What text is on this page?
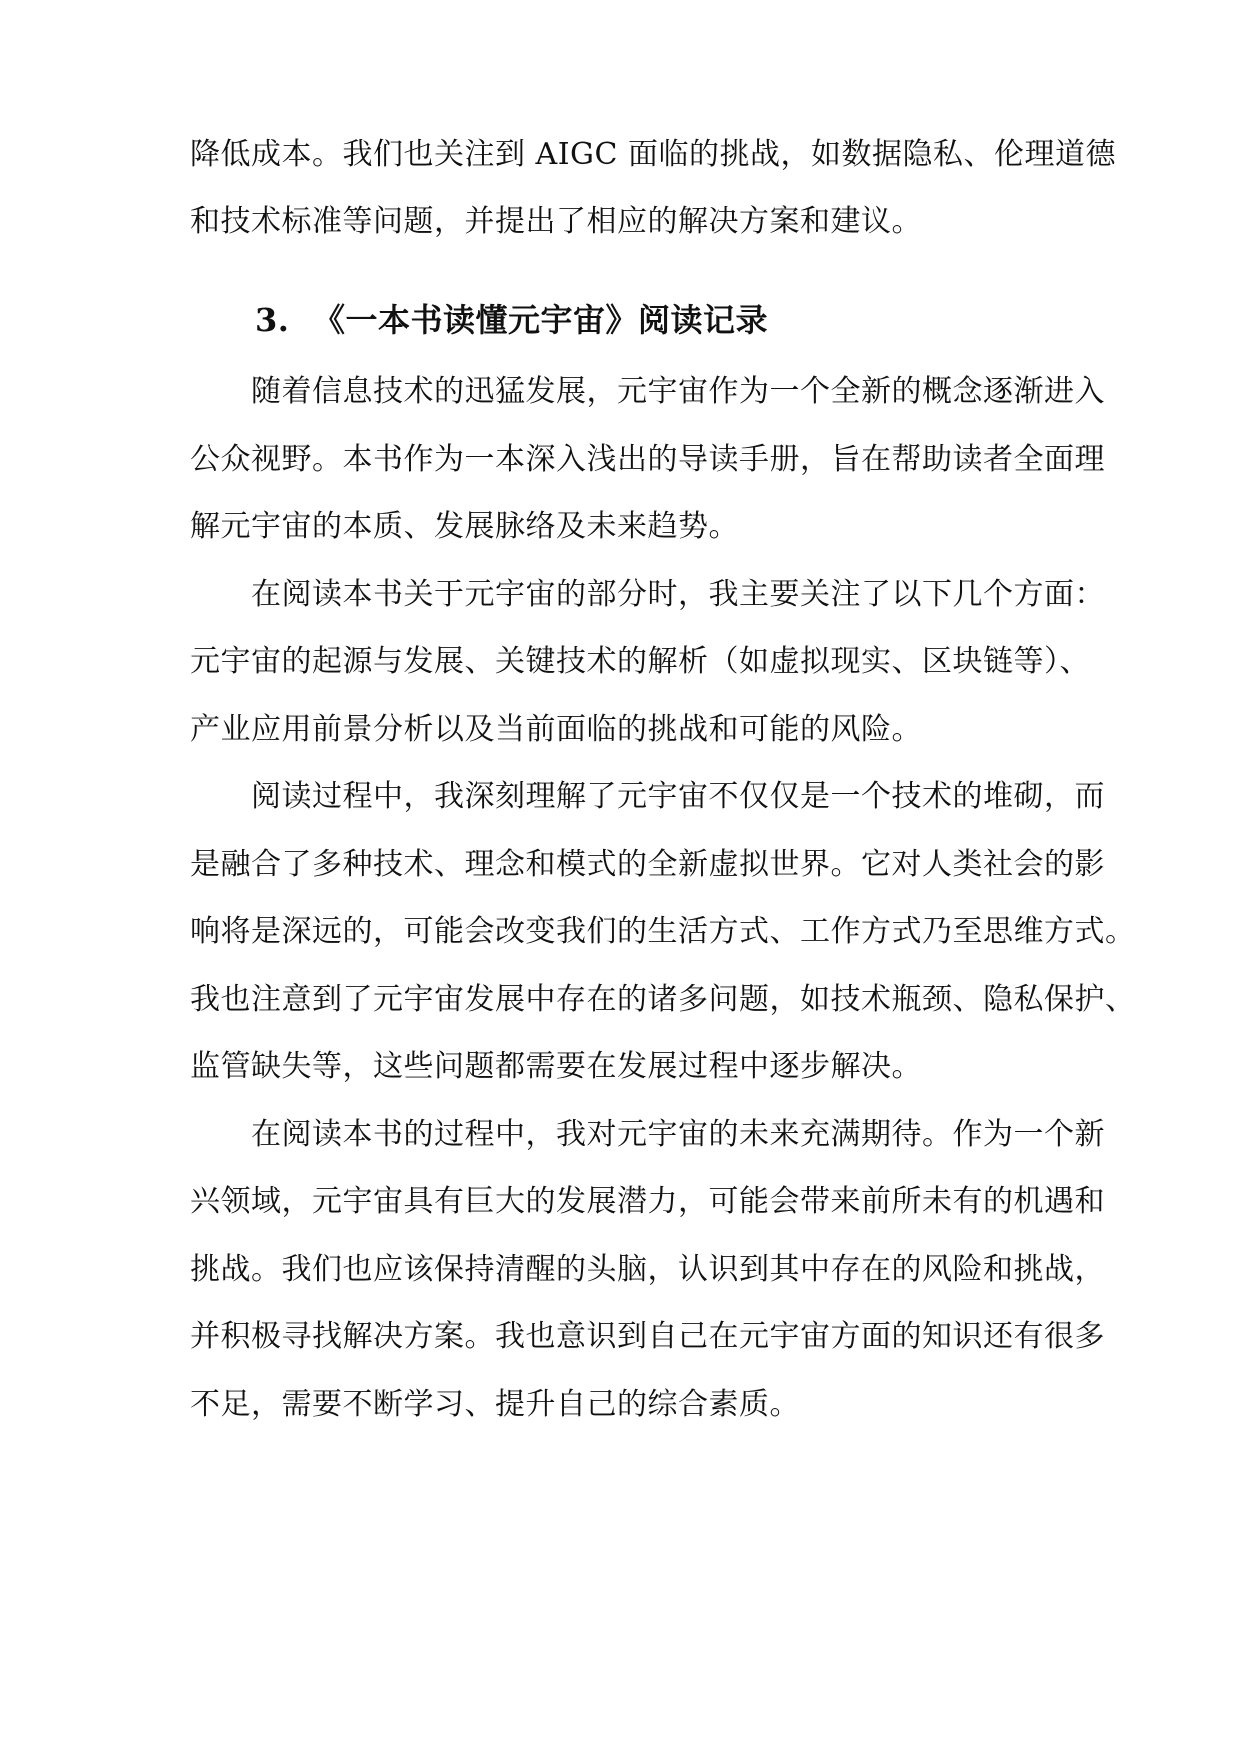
降低成本。我们也关注到 AIGC 面临的挑战，如数据隐私、伦理道德
和技术标准等问题，并提出了相应的解决方案和建议。
3. 《一本书读懂元宇宙》阅读记录
　　随着信息技术的迅猛发展，元宇宙作为一个全新的概念逐渐进入
公众视野。本书作为一本深入浅出的导读手册，旨在帮助读者全面理
解元宇宙的本质、发展脉络及未来趋势。
　　在阅读本书关于元宇宙的部分时，我主要关注了以下几个方面：
元宇宙的起源与发展、关键技术的解析（如虚拟现实、区块链等）、
产业应用前景分析以及当前面临的挑战和可能的风险。
　　阅读过程中，我深刻理解了元宇宙不仅仅是一个技术的堆砌，而
是融合了多种技术、理念和模式的全新虚拟世界。它对人类社会的影
响将是深远的，可能会改变我们的生活方式、工作方式乃至思维方式。
我也注意到了元宇宙发展中存在的诸多问题，如技术瓶颈、隐私保护、
监管缺失等，这些问题都需要在发展过程中逐步解决。
　　在阅读本书的过程中，我对元宇宙的未来充满期待。作为一个新
兴领域，元宇宙具有巨大的发展潜力，可能会带来前所未有的机遇和
挑战。我们也应该保持清醒的头脑，认识到其中存在的风险和挑战，
并积极寻找解决方案。我也意识到自己在元宇宙方面的知识还有很多
不足，需要不断学习、提升自己的综合素质。
